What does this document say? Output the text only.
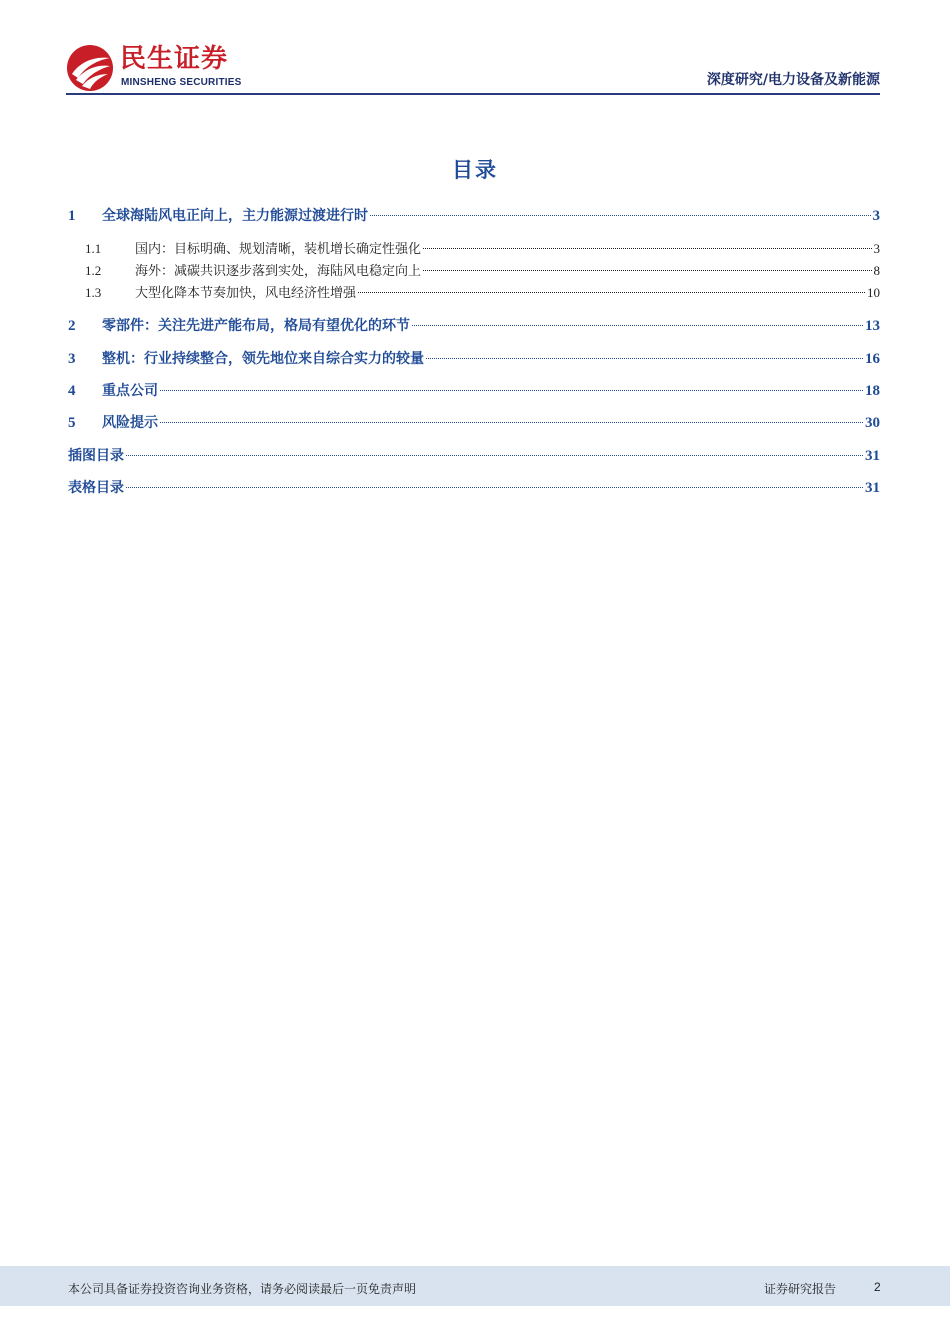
民生证券
MINSHENG SECURITIES	深度研究/电力设备及新能源
目录
1	全球海陆风电正向上，主力能源过渡进行时	3
1.1	国内：目标明确、规划清晰，装机增长确定性强化	3
1.2	海外：减碳共识逐步落到实处，海陆风电稳定向上	8
1.3	大型化降本节奏加快，风电经济性增强	10
2	零部件：关注先进产能布局，格局有望优化的环节	13
3	整机：行业持续整合，领先地位来自综合实力的较量	16
4	重点公司	18
5	风险提示	30
插图目录	31
表格目录	31
本公司具备证券投资咨询业务资格，请务必阅读最后一页免责声明	证券研究报告	2
